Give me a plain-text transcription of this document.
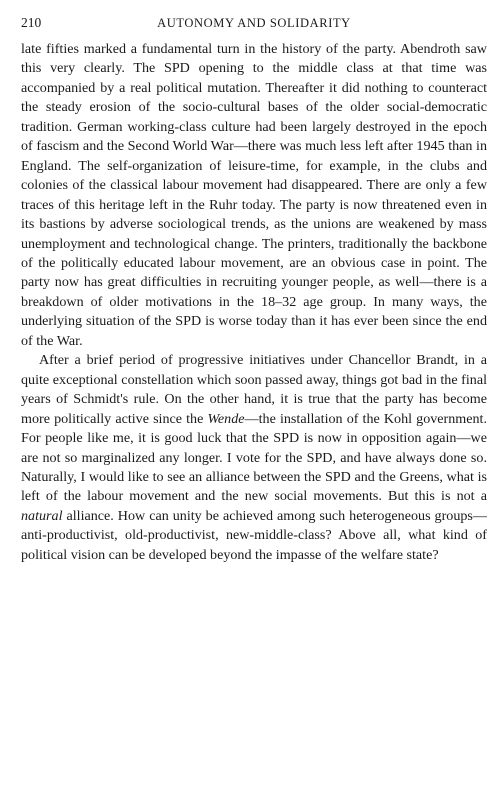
210	AUTONOMY AND SOLIDARITY

late fifties marked a fundamental turn in the history of the party. Abendroth saw this very clearly. The SPD opening to the middle class at that time was accompanied by a real political mutation. Thereafter it did nothing to counteract the steady erosion of the socio-cultural bases of the older social-democratic tradition. German working-class culture had been largely destroyed in the epoch of fascism and the Second World War—there was much less left after 1945 than in England. The self-organization of leisure-time, for example, in the clubs and colonies of the classical labour movement had disappeared. There are only a few traces of this heritage left in the Ruhr today. The party is now threatened even in its bastions by adverse sociological trends, as the unions are weakened by mass unemployment and technological change. The printers, traditionally the backbone of the politically educated labour movement, are an obvious case in point. The party now has great difficulties in recruiting younger people, as well—there is a breakdown of older motivations in the 18–32 age group. In many ways, the underlying situation of the SPD is worse today than it has ever been since the end of the War.

After a brief period of progressive initiatives under Chancellor Brandt, in a quite exceptional constellation which soon passed away, things got bad in the final years of Schmidt's rule. On the other hand, it is true that the party has become more politically active since the Wende—the installation of the Kohl government. For people like me, it is good luck that the SPD is now in opposition again—we are not so marginalized any longer. I vote for the SPD, and have always done so. Naturally, I would like to see an alliance between the SPD and the Greens, what is left of the labour movement and the new social movements. But this is not a natural alliance. How can unity be achieved among such heterogeneous groups—anti-productivist, old-productivist, new-middle-class? Above all, what kind of political vision can be developed beyond the impasse of the welfare state?
